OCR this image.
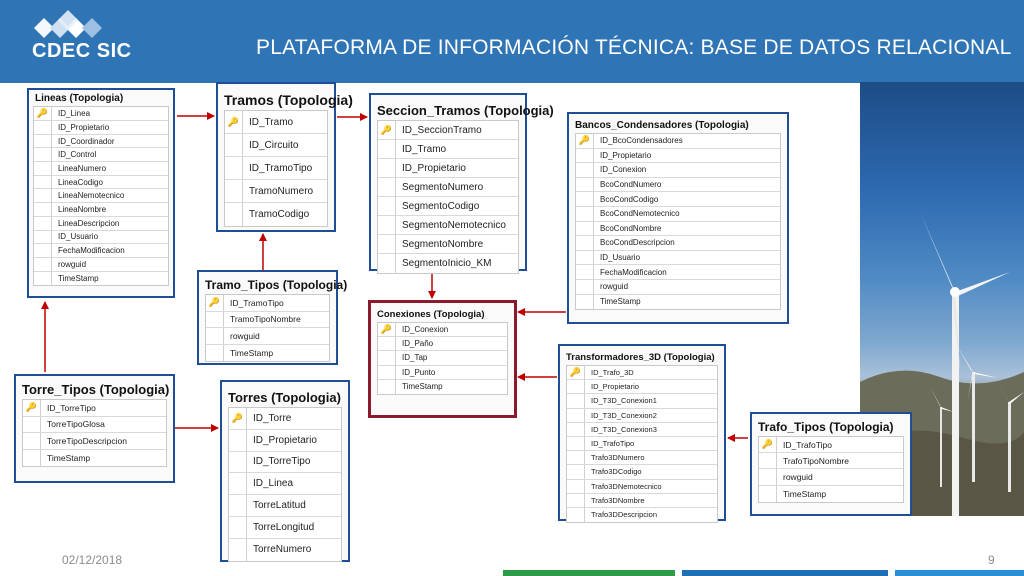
CDEC SIC	PLATAFORMA DE INFORMACIÓN TÉCNICA: BASE DE DATOS RELACIONAL
Lineas (Topologia)
🔑	ID_Linea
ID_Propietario
ID_Coordinador
ID_Control
LineaNumero
LineaCodigo
LineaNemotecnico
LineaNombre
LineaDescripcion
ID_Usuario
FechaModificacion
rowguid
TimeStamp
Tramos (Topologia)
🔑 ID_Tramo
ID_Circuito
ID_TramoTipo
TramoNumero
TramoCodigo
Seccion_Tramos (Topologia)
🔑 ID_SeccionTramo
ID_Tramo
ID_Propietario
SegmentoNumero
SegmentoCodigo
SegmentoNemotecnico
SegmentoNombre
SegmentoInicio_KM
Bancos_Condensadores (Topologia)
🔑	ID_BcoCondensadores
ID_Propietario
ID_Conexion
BcoCondNumero
BcoCondCodigo
BcoCondNemotecnico
BcoCondNombre
BcoCondDescripcion
ID_Usuario
FechaModificacion
rowguid
TimeStamp
Tramo_Tipos (Topologia)
🔑	ID_TramoTipo
TramoTipoNombre
rowguid
TimeStamp
Conexiones (Topologia)
🔑	ID_Conexion
ID_Paño
ID_Tap
ID_Punto
TimeStamp
Transformadores_3D (Topologia)
🔑	ID_Trafo_3D
ID_Propietario
ID_T3D_Conexion1
ID_T3D_Conexion2
ID_T3D_Conexion3
ID_TrafoTipo
Trafo3DNumero
Trafo3DCodigo
Trafo3DNemotecnico
Trafo3DNombre
Trafo3DDescripcion
Torre_Tipos (Topologia)
🔑	ID_TorreTipo
TorreTipoGlosa
TorreTipoDescripcion
TimeStamp
Torres (Topologia)
🔑 ID_Torre
ID_Propietario
ID_TorreTipo
ID_Linea
TorreLatitud
TorreLongitud
TorreNumero
Trafo_Tipos (Topologia)
🔑	ID_TrafoTipo
TrafoTipoNombre
rowguid
TimeStamp
02/12/2018	9
